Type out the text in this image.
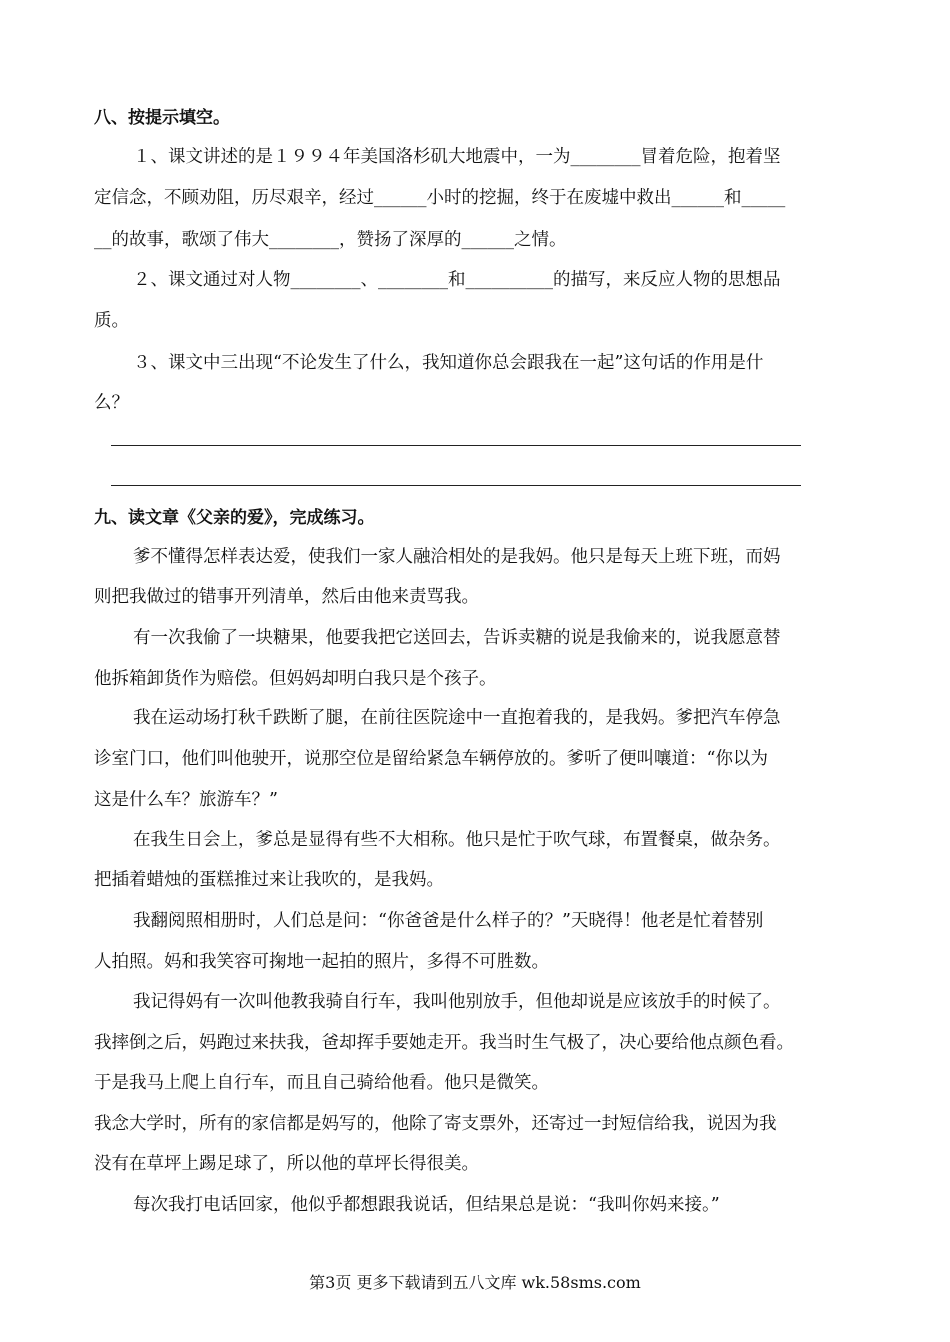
八、按提示填空。
１、课文讲述的是１９９４年美国洛杉矶大地震中，一为________冒着危险，抱着坚
定信念，不顾劝阻，历尽艰辛，经过______小时的挖掘，终于在废墟中救出______和_____
__的故事，歌颂了伟大________，赞扬了深厚的______之情。
２、课文通过对人物________、________和__________的描写，来反应人物的思想品
质。
３、课文中三出现“不论发生了什么，我知道你总会跟我在一起”这句话的作用是什
么？
九、读文章《父亲的爱》，完成练习。
爹不懂得怎样表达爱，使我们一家人融洽相处的是我妈。他只是每天上班下班，而妈
则把我做过的错事开列清单，然后由他来责骂我。
有一次我偷了一块糖果，他要我把它送回去，告诉卖糖的说是我偷来的，说我愿意替
他拆箱卸货作为赔偿。但妈妈却明白我只是个孩子。
我在运动场打秋千跌断了腿，在前往医院途中一直抱着我的，是我妈。爹把汽车停急
诊室门口，他们叫他驶开，说那空位是留给紧急车辆停放的。爹听了便叫嚷道：“你以为
这是什么车？旅游车？”
在我生日会上，爹总是显得有些不大相称。他只是忙于吹气球，布置餐桌，做杂务。
把插着蜡烛的蛋糕推过来让我吹的，是我妈。
我翻阅照相册时，人们总是问：“你爸爸是什么样子的？”天晓得！他老是忙着替别
人拍照。妈和我笑容可掬地一起拍的照片，多得不可胜数。
我记得妈有一次叫他教我骑自行车，我叫他别放手，但他却说是应该放手的时候了。
我摔倒之后，妈跑过来扶我，爸却挥手要她走开。我当时生气极了，决心要给他点颜色看。
于是我马上爬上自行车，而且自己骑给他看。他只是微笑。
我念大学时，所有的家信都是妈写的，他除了寄支票外，还寄过一封短信给我，说因为我
没有在草坪上踢足球了，所以他的草坪长得很美。
每次我打电话回家，他似乎都想跟我说话，但结果总是说：“我叫你妈来接。”
第3页 更多下载请到五八文库 wk.58sms.com
